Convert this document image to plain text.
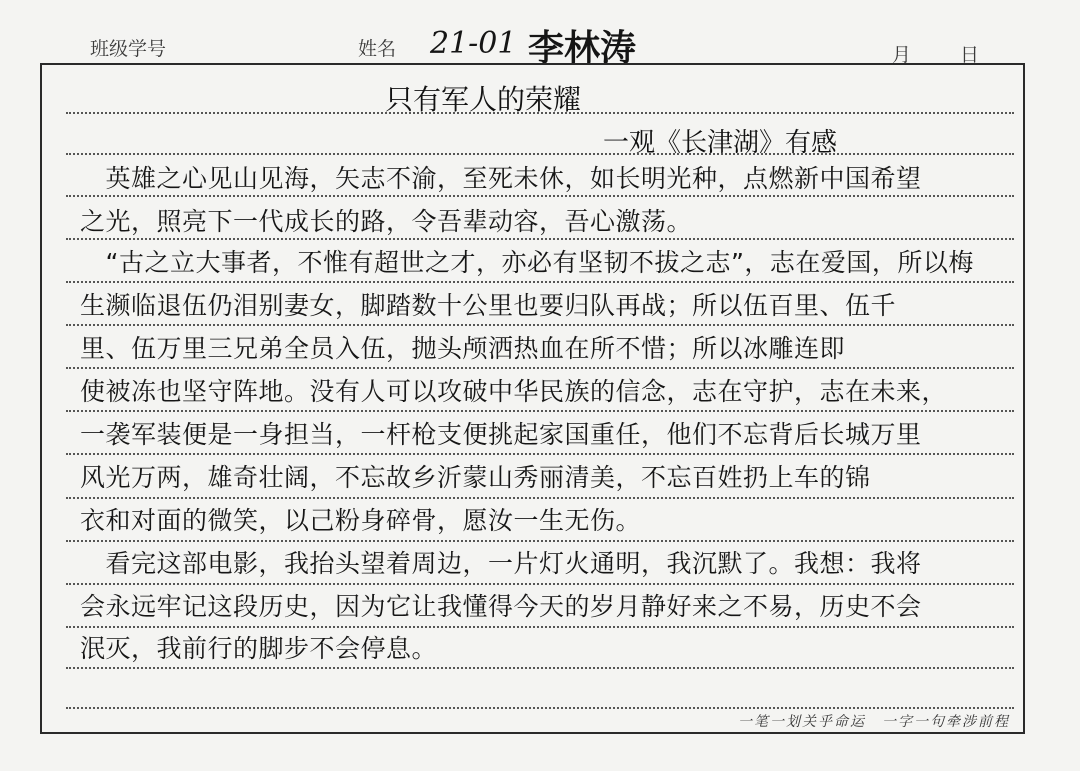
班级学号	姓名 21-01 李林涛	月	日
只有军人的荣耀
一观《长津湖》有感
　英雄之心见山见海，矢志不渝，至死未休，如长明光种，点燃新中国希望
之光，照亮下一代成长的路，令吾辈动容，吾心激荡。
　“古之立大事者，不惟有超世之才，亦必有坚韧不拔之志”，志在爱国，所以梅
生濒临退伍仍泪别妻女，脚踏数十公里也要归队再战；所以伍百里、伍千
里、伍万里三兄弟全员入伍，抛头颅洒热血在所不惜；所以冰雕连即
使被冻也坚守阵地。没有人可以攻破中华民族的信念，志在守护，志在未来，
一袭军装便是一身担当，一杆枪支便挑起家国重任，他们不忘背后长城万里
风光万两，雄奇壮阔，不忘故乡沂蒙山秀丽清美，不忘百姓扔上车的锦
衣和对面的微笑，以己粉身碎骨，愿汝一生无伤。
　看完这部电影，我抬头望着周边，一片灯火通明，我沉默了。我想：我将
会永远牢记这段历史，因为它让我懂得今天的岁月静好来之不易，历史不会
泯灭，我前行的脚步不会停息。
一笔一划关乎命运　一字一句牵涉前程
